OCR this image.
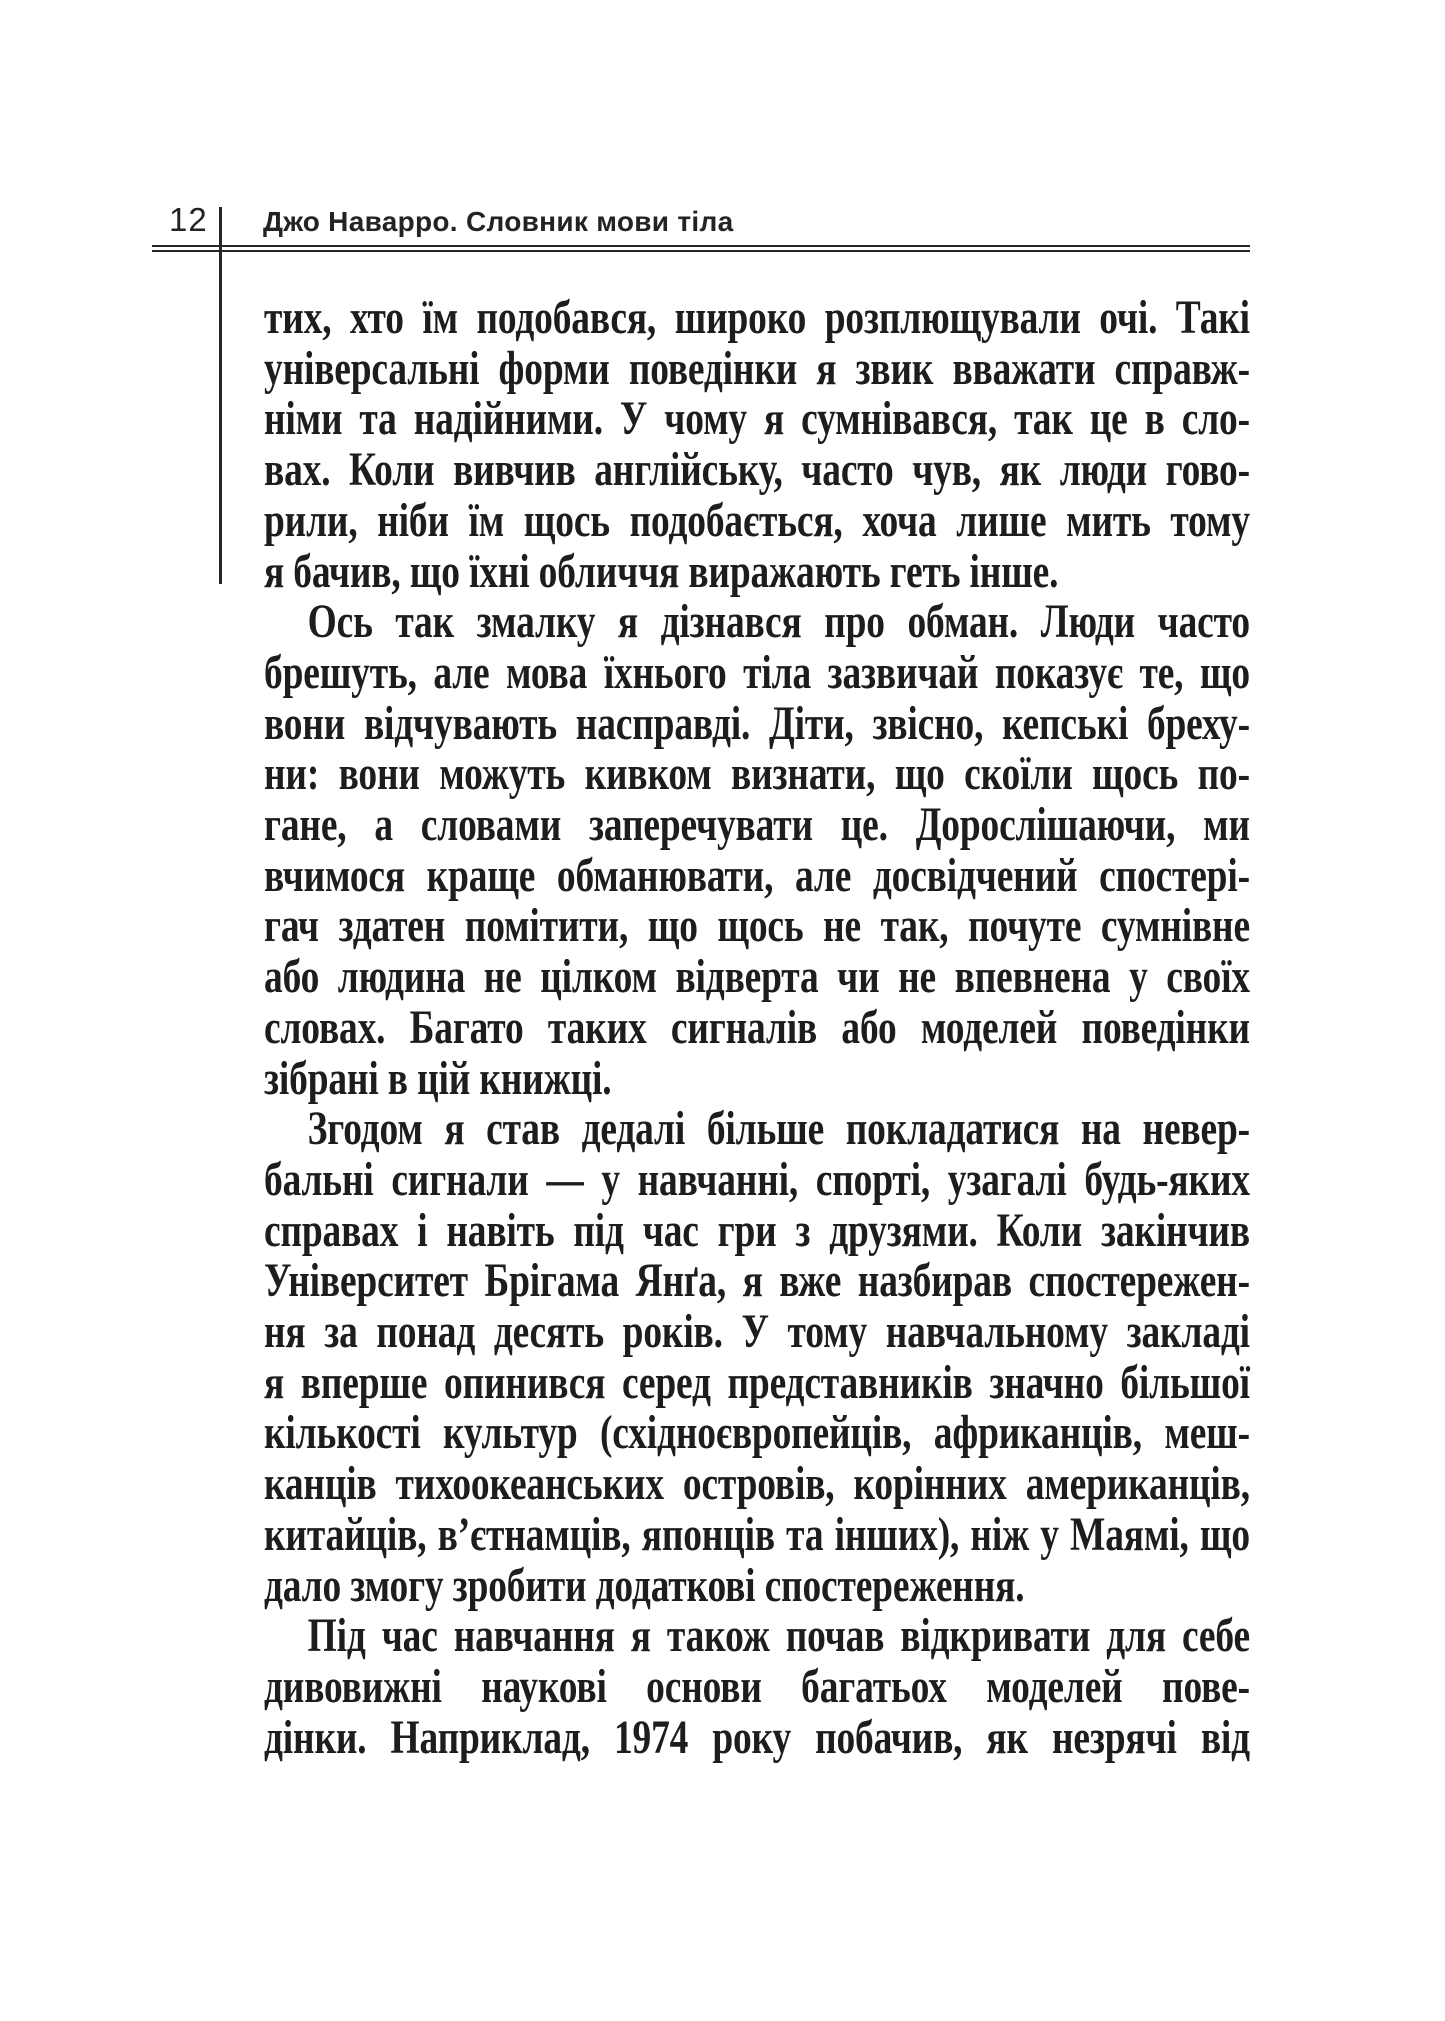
12 Джо Наварро. Словник мови тіла

тих, хто їм подобався, широко розплющували очі. Такі
універсальні форми поведінки я звик вважати справж-
німи та надійними. У чому я сумнівався, так це в сло-
вах. Коли вивчив англійську, часто чув, як люди гово-
рили, ніби їм щось подобається, хоча лише мить тому
я бачив, що їхні обличчя виражають геть інше.

Ось так змалку я дізнався про обман. Люди часто
брешуть, але мова їхнього тіла зазвичай показує те, що
вони відчувають насправді. Діти, звісно, кепські бреху-
ни: вони можуть кивком визнати, що скоїли щось по-
гане, а словами заперечувати це. Дорослішаючи, ми
вчимося краще обманювати, але досвідчений спостері-
гач здатен помітити, що щось не так, почуте сумнівне
або людина не цілком відверта чи не впевнена у своїх
словах. Багато таких сигналів або моделей поведінки
зібрані в цій книжці.

Згодом я став дедалі більше покладатися на невер-
бальні сигнали — у навчанні, спорті, узагалі будь-яких
справах і навіть під час гри з друзями. Коли закінчив
Університет Брігама Янґа, я вже назбирав спостережен-
ня за понад десять років. У тому навчальному закладі
я вперше опинився серед представників значно більшої
кількості культур (східноєвропейців, африканців, меш-
канців тихоокеанських островів, корінних американців,
китайців, в’єтнамців, японців та інших), ніж у Маямі, що
дало змогу зробити додаткові спостереження.

Під час навчання я також почав відкривати для себе
дивовижні наукові основи багатьох моделей пове-
дінки. Наприклад, 1974 року побачив, як незрячі від
